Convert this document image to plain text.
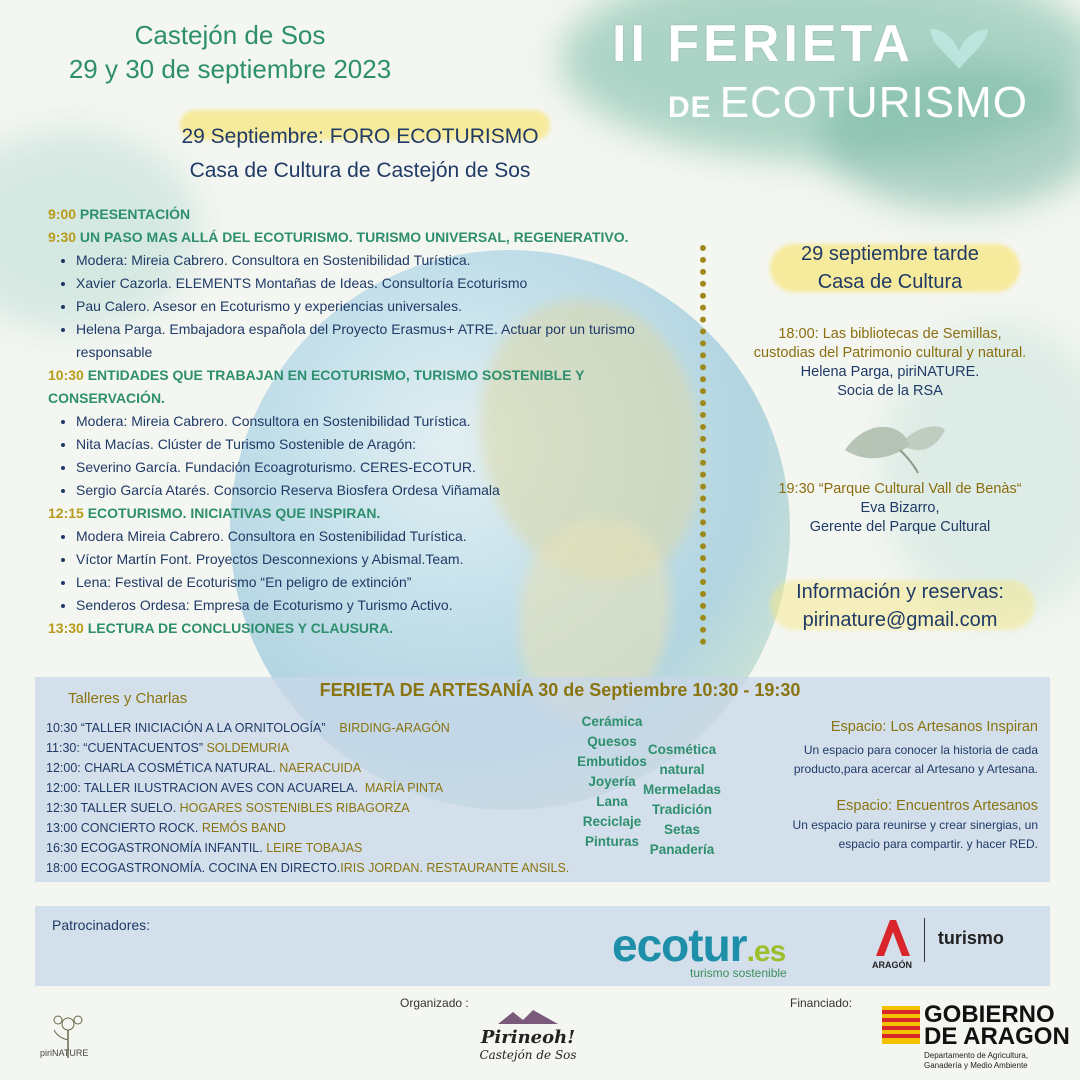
Castejón de Sos
29 y 30 de septiembre 2023	II FERIETA
DE ECOTURISMO
29 Septiembre: FORO ECOTURISMO
Casa de Cultura de Castejón de Sos
9:00 PRESENTACIÓN
9:30 UN PASO MAS ALLÁ DEL ECOTURISMO. TURISMO UNIVERSAL, REGENERATIVO.
• Modera: Mireia Cabrero. Consultora en Sostenibilidad Turística.
• Xavier Cazorla. ELEMENTS Montañas de Ideas. Consultoría Ecoturismo
• Pau Calero. Asesor en Ecoturismo y experiencias universales.
• Helena Parga. Embajadora española del Proyecto Erasmus+ ATRE. Actuar por un turismo responsable
10:30 ENTIDADES QUE TRABAJAN EN ECOTURISMO, TURISMO SOSTENIBLE Y CONSERVACIÓN.
• Modera: Mireia Cabrero. Consultora en Sostenibilidad Turística.
• Nita Macías. Clúster de Turismo Sostenible de Aragón:
• Severino García. Fundación Ecoagroturismo. CERES-ECOTUR.
• Sergio García Atarés. Consorcio Reserva Biosfera Ordesa Viñamala
12:15 ECOTURISMO. INICIATIVAS QUE INSPIRAN.
• Modera Mireia Cabrero. Consultora en Sostenibilidad Turística.
• Víctor Martín Font. Proyectos Desconnexions y Abismal.Team.
• Lena: Festival de Ecoturismo “En peligro de extinción”
• Senderos Ordesa: Empresa de Ecoturismo y Turismo Activo.
13:30 LECTURA DE CONCLUSIONES Y CLAUSURA.
29 septiembre tarde
Casa de Cultura
18:00: Las bibliotecas de Semillas,
custodias del Patrimonio cultural y natural.
Helena Parga, piriNATURE.
Socia de la RSA
19:30 “Parque Cultural Vall de Benàs“
Eva Bizarro,
Gerente del Parque Cultural
Información y reservas:
pirinature@gmail.com
FERIETA DE ARTESANÍA 30 de Septiembre 10:30 - 19:30
Talleres y Charlas
10:30 “TALLER INICIACIÓN A LA ORNITOLOGÍA” BIRDING-ARAGÓN
11:30: “CUENTACUENTOS” SOLDEMURIA
12:00: CHARLA COSMÉTICA NATURAL. NAERACUIDA
12:00: TALLER ILUSTRACION AVES CON ACUARELA. MARÍA PINTA
12:30 TALLER SUELO. HOGARES SOSTENIBLES RIBAGORZA
13:00 CONCIERTO ROCK. REMÓS BAND
16:30 ECOGASTRONOMÍA INFANTIL. LEIRE TOBAJAS
18:00 ECOGASTRONOMÍA. COCINA EN DIRECTO.IRIS JORDAN. RESTAURANTE ANSILS.
Cerámica
Quesos
Embutidos
Joyería
Lana
Reciclaje
Pinturas
Cosmética
natural
Mermeladas
Tradición
Setas
Panadería
Espacio: Los Artesanos Inspiran
Un espacio para conocer la historia de cada
producto,para acercar al Artesano y Artesana.
Espacio: Encuentros Artesanos
Un espacio para reunirse y crear sinergias, un
espacio para compartir. y hacer RED.
Patrocinadores:	ecotur.es
turismo sostenible
turismo
ARAGÓN
piriNATURE
Organizado :
Pirineoh!
Castejón de Sos
Financiado:	GOBIERNO
DE ARAGON
Departamento de Agricultura,
Ganadería y Medio Ambiente
